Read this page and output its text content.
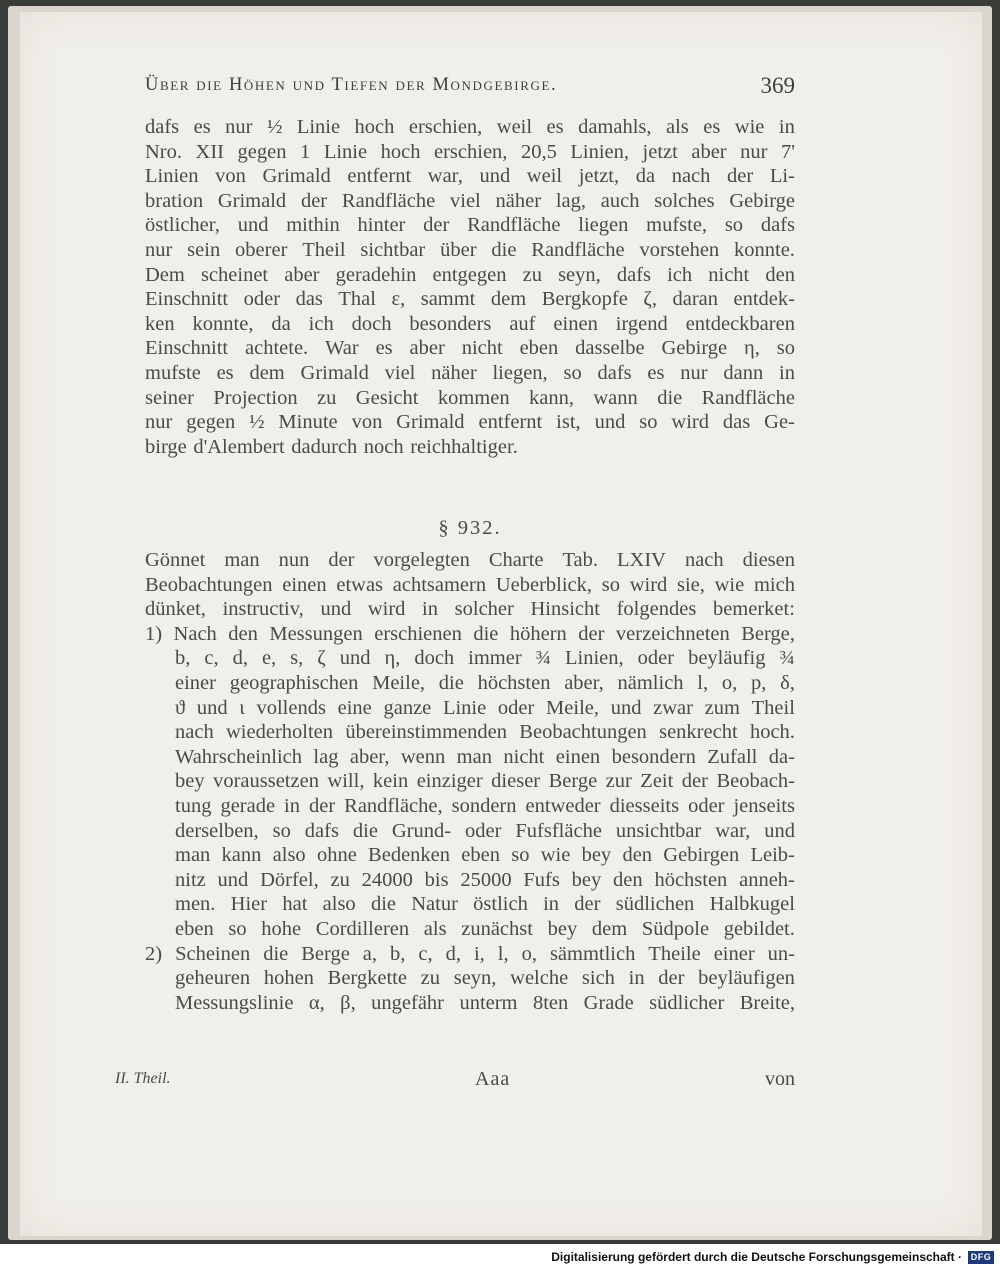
Über die Höhen und Tiefen der Mondgebirge.	369
dafs es nur ½ Linie hoch erschien, weil es damahls, als es wie in
Nro. XII gegen 1 Linie hoch erschien, 20,5 Linien, jetzt aber nur 7'
Linien von Grimald entfernt war, und weil jetzt, da nach der Li-
bration Grimald der Randfläche viel näher lag, auch solches Gebirge
östlicher, und mithin hinter der Randfläche liegen mufste, so dafs
nur sein oberer Theil sichtbar über die Randfläche vorstehen konnte.
Dem scheinet aber geradehin entgegen zu seyn, dafs ich nicht den
Einschnitt oder das Thal ε, sammt dem Bergkopfe ζ, daran entdek-
ken konnte, da ich doch besonders auf einen irgend entdeckbaren
Einschnitt achtete. War es aber nicht eben dasselbe Gebirge η, so
mufste es dem Grimald viel näher liegen, so dafs es nur dann in
seiner Projection zu Gesicht kommen kann, wann die Randfläche
nur gegen ½ Minute von Grimald entfernt ist, und so wird das Ge-
birge d'Alembert dadurch noch reichhaltiger.
§ 932.
Gönnet man nun der vorgelegten Charte Tab. LXIV nach diesen
Beobachtungen einen etwas achtsamern Ueberblick, so wird sie, wie mich
dünket, instructiv, und wird in solcher Hinsicht folgendes bemerket:
1) Nach den Messungen erschienen die höhern der verzeichneten Berge,
b, c, d, e, s, ζ und η, doch immer ¾ Linien, oder beyläufig ¾
einer geographischen Meile, die höchsten aber, nämlich l, o, p, δ,
ϑ und ι vollends eine ganze Linie oder Meile, und zwar zum Theil
nach wiederholten übereinstimmenden Beobachtungen senkrecht hoch.
Wahrscheinlich lag aber, wenn man nicht einen besondern Zufall da-
bey voraussetzen will, kein einziger dieser Berge zur Zeit der Beobach-
tung gerade in der Randfläche, sondern entweder diesseits oder jenseits
derselben, so dafs die Grund- oder Fufsfläche unsichtbar war, und
man kann also ohne Bedenken eben so wie bey den Gebirgen Leib-
nitz und Dörfel, zu 24000 bis 25000 Fufs bey den höchsten anneh-
men. Hier hat also die Natur östlich in der südlichen Halbkugel
eben so hohe Cordilleren als zunächst bey dem Südpole gebildet.
2) Scheinen die Berge a, b, c, d, i, l, o, sämmtlich Theile einer un-
geheuren hohen Bergkette zu seyn, welche sich in der beyläufigen
Messungslinie α, β, ungefähr unterm 8ten Grade südlicher Breite,
II. Theil.	Aaa	von
Digitalisierung gefördert durch die Deutsche Forschungsgemeinschaft · DFG
